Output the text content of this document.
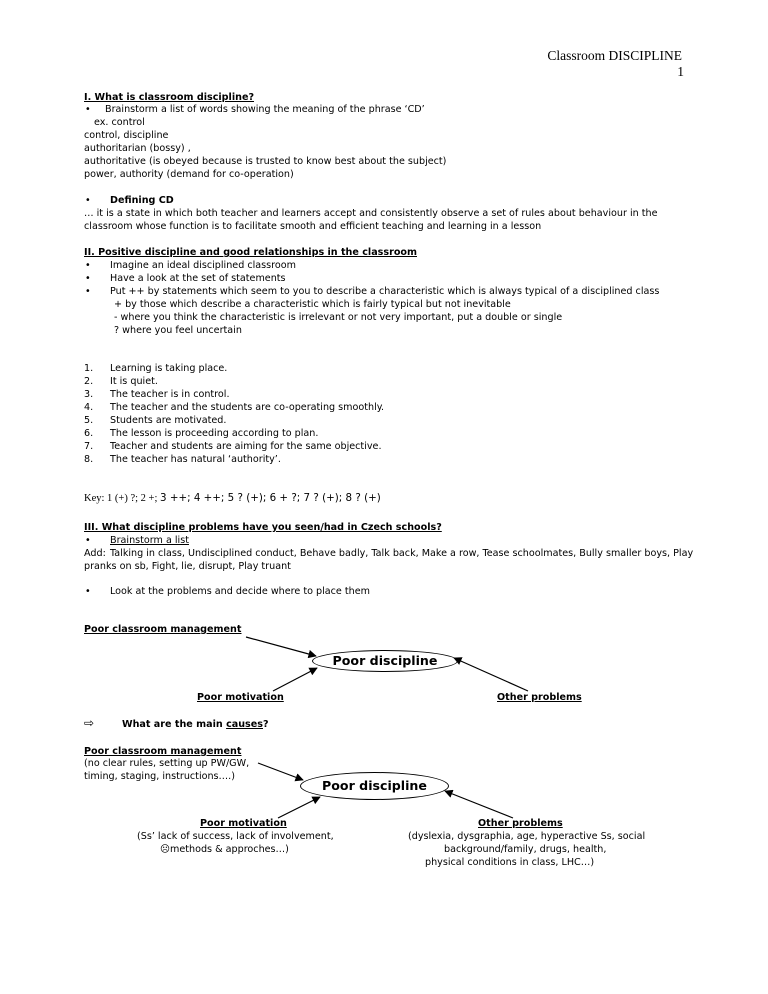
Classroom DISCIPLINE
1
I. What is classroom discipline?
• Brainstorm a list of words showing the meaning of the phrase ‘CD’
ex. control
control, discipline
authoritarian (bossy) ,
authoritative (is obeyed because is trusted to know best about the subject)
power, authority (demand for co-operation)
• Defining CD
… it is a state in which both teacher and learners accept and consistently observe a set of rules about behaviour in the
classroom whose function is to facilitate smooth and efficient teaching and learning in a lesson
II. Positive discipline and good relationships in the classroom
• Imagine an ideal disciplined classroom
• Have a look at the set of statements
• Put ++ by statements which seem to you to describe a characteristic which is always typical of a disciplined class
+ by those which describe a characteristic which is fairly typical but not inevitable
- where you think the characteristic is irrelevant or not very important, put a double or single
? where you feel uncertain
1. Learning is taking place.
2. It is quiet.
3. The teacher is in control.
4. The teacher and the students are co-operating smoothly.
5. Students are motivated.
6. The lesson is proceeding according to plan.
7. Teacher and students are aiming for the same objective.
8. The teacher has natural ‘authority’.
Key: 1 (+) ?; 2 +; 3 ++; 4 ++; 5 ? (+); 6 + ?; 7 ? (+); 8 ? (+)
III. What discipline problems have you seen/had in Czech schools?
• Brainstorm a list
Add: Talking in class, Undisciplined conduct, Behave badly, Talk back, Make a row, Tease schoolmates, Bully smaller boys, Play
pranks on sb, Fight, lie, disrupt, Play truant
• Look at the problems and decide where to place them
Poor classroom management
Poor discipline
Poor motivation	Other problems
⇨	What are the main causes?
Poor classroom management
(no clear rules, setting up PW/GW,
timing, staging, instructions….)
Poor discipline
Poor motivation
(Ss’ lack of success, lack of involvement,
☹methods & approches…)
Other problems
(dyslexia, dysgraphia, age, hyperactive Ss, social
background/family, drugs, health,
physical conditions in class, LHC…)
